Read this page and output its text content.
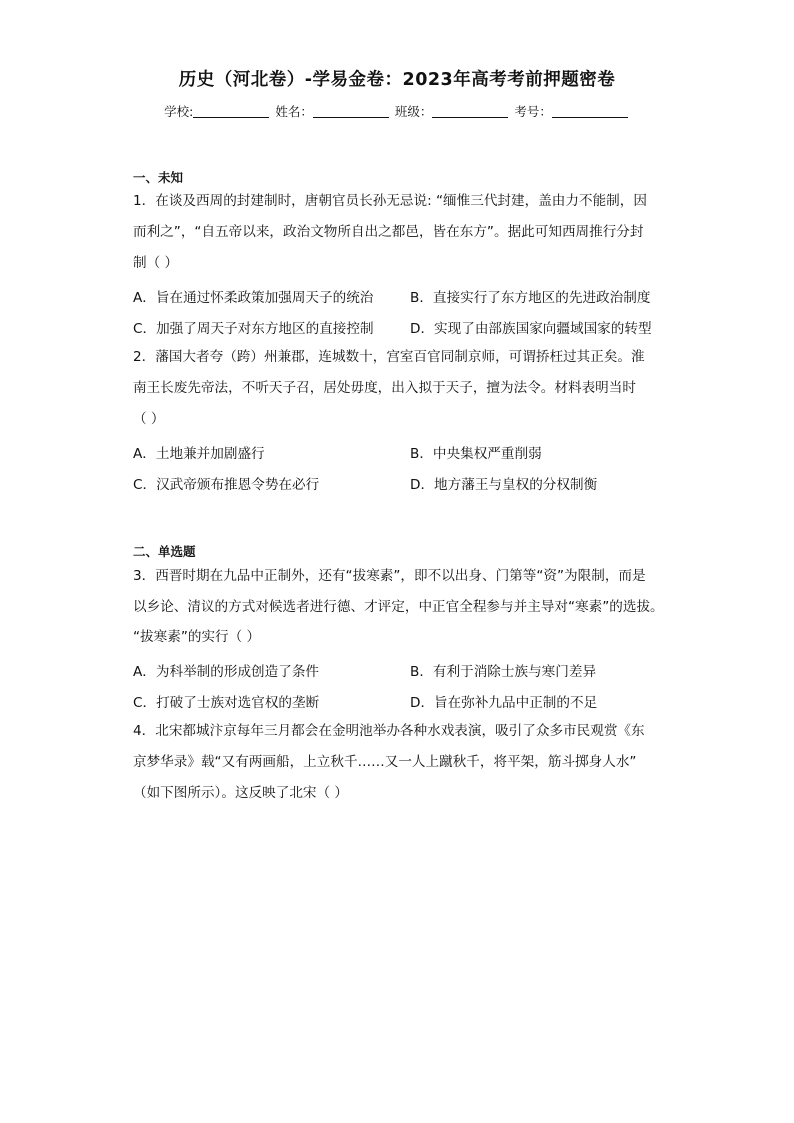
历史（河北卷）-学易金卷：2023年高考考前押题密卷
学校:	姓名：	班级：	考号：
一、未知
1．在谈及西周的封建制时，唐朝官员长孙无忌说: “缅惟三代封建，盖由力不能制，因
而利之”，“自五帝以来，政治文物所自出之都邑，皆在东方”。据此可知西周推行分封
制（ ）
A．旨在通过怀柔政策加强周天子的统治	B．直接实行了东方地区的先进政治制度
C．加强了周天子对东方地区的直接控制	D．实现了由部族国家向疆域国家的转型
2．藩国大者夸（跨）州兼郡，连城数十，宫室百官同制京师，可谓挢枉过其正矣。淮
南王长废先帝法，不听天子召，居处毋度，出入拟于天子，擅为法令。材料表明当时
（ ）
A．土地兼并加剧盛行	B．中央集权严重削弱
C．汉武帝颁布推恩令势在必行	D．地方藩王与皇权的分权制衡
二、单选题
3．西晋时期在九品中正制外，还有“拔寒素”，即不以出身、门第等“资”为限制，而是
以乡论、清议的方式对候选者进行德、才评定，中正官全程参与并主导对“寒素”的选拔。
“拔寒素”的实行（ ）
A．为科举制的形成创造了条件	B．有利于消除士族与寒门差异
C．打破了士族对选官权的垄断	D．旨在弥补九品中正制的不足
4．北宋都城汴京每年三月都会在金明池举办各种水戏表演，吸引了众多市民观赏《东
京梦华录》载“又有两画船，上立秋千……又一人上蹴秋千，将平架，筋斗掷身人水”
（如下图所示）。这反映了北宋（ ）
